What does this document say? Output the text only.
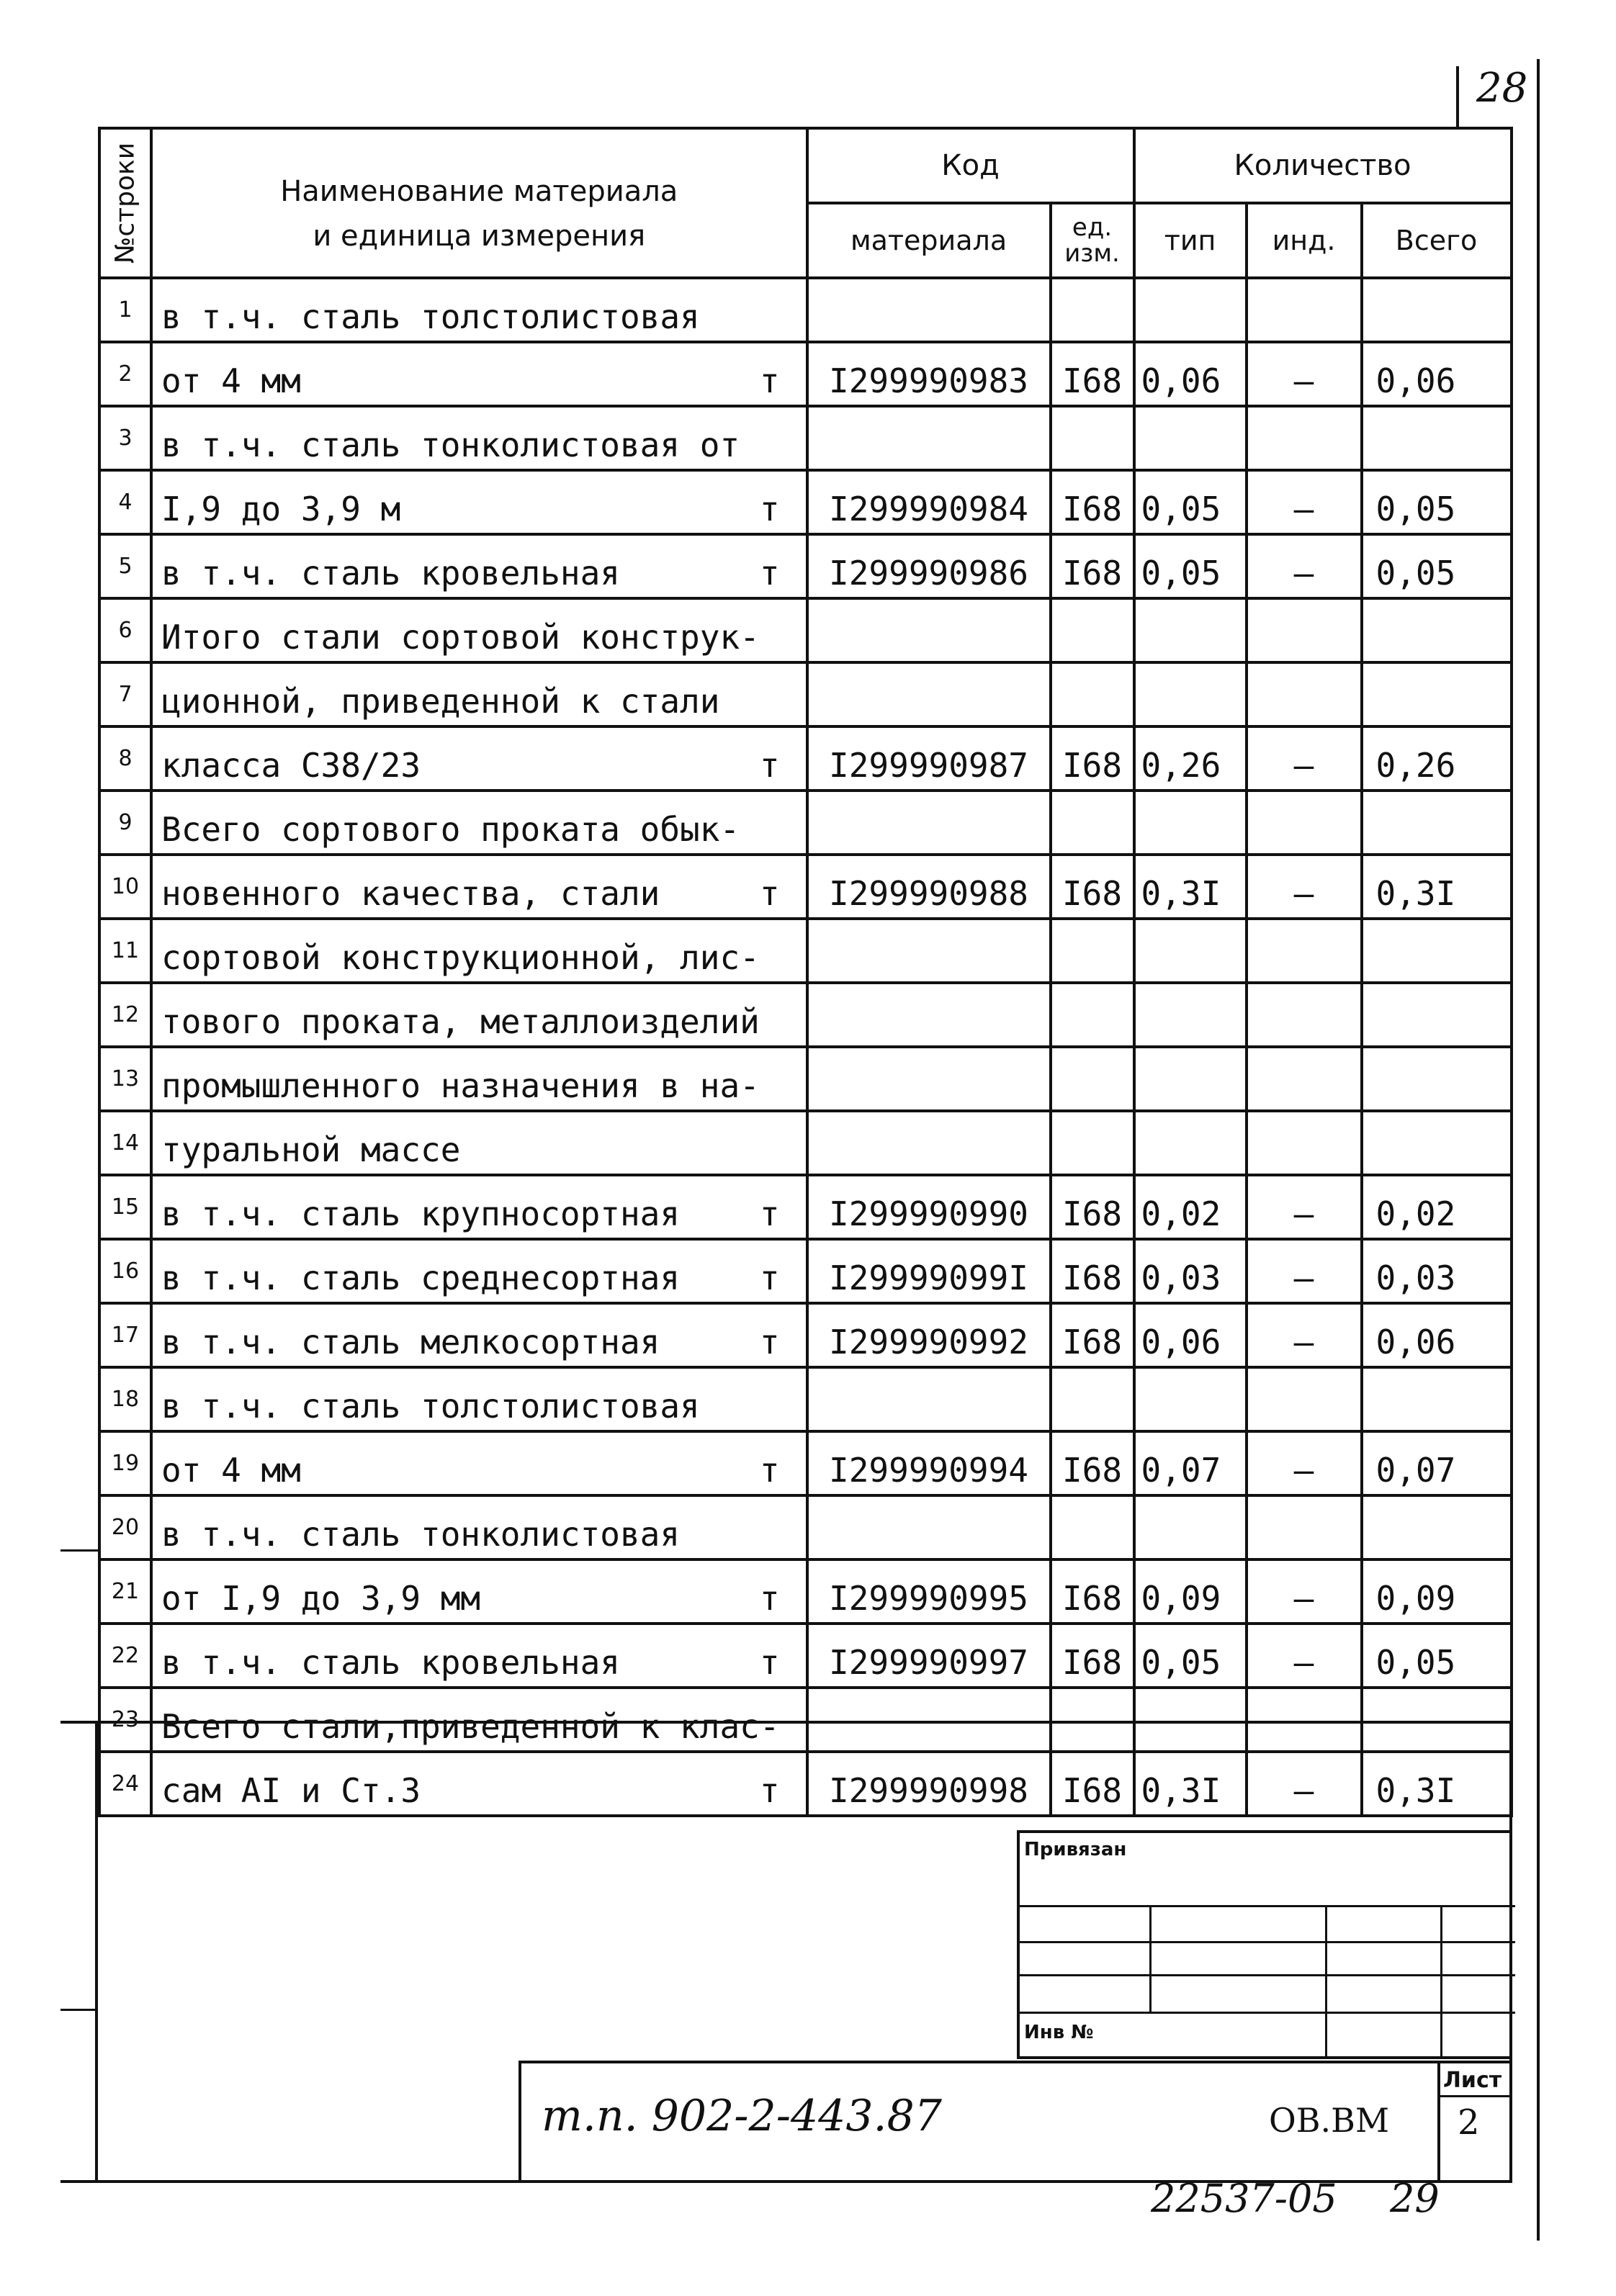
28
№строки	Наименование материала
и единица измерения	Код		Количество		
		материала	ед.
изм.	тип	инд.	Всего
1	в т.ч. сталь толстолистовая					

2	от 4 мм т	I299990983	I68	0,06	–	0,06
3	в т.ч. сталь тонколистовая от					

4	I,9 до 3,9 м т	I299990984	I68	0,05	–	0,05
5	в т.ч. сталь кровельная т	I299990986	I68	0,05	–	0,05
6	Итого стали сортовой конструк-					

7	ционной, приведенной к стали					

8	класса С38/23 т	I299990987	I68	0,26	–	0,26
9	Всего сортового проката обык-					

10	новенного качества, стали т	I299990988	I68	0,3I	–	0,3I
11	сортовой конструкционной, лис-					

12	тового проката, металлоизделий					

13	промышленного назначения в на-					

14	туральной массе					

15	в т.ч. сталь крупносортная т	I299990990	I68	0,02	–	0,02
16	в т.ч. сталь среднесортная т	I29999099I	I68	0,03	–	0,03
17	в т.ч. сталь мелкосортная т	I299990992	I68	0,06	–	0,06
18	в т.ч. сталь толстолистовая					

19	от 4 мм т	I299990994	I68	0,07	–	0,07
20	в т.ч. сталь тонколистовая					

21	от I,9 до 3,9 мм т	I299990995	I68	0,09	–	0,09
22	в т.ч. сталь кровельная т	I299990997	I68	0,05	–	0,05
23	Всего стали,приведенной к клас-					

24	сам АI и Ст.3 т	I299990998	I68	0,3I	–	0,3I
Привязан
Инв №
Лист
2
т.п. 902-2-443.87	ОВ.ВМ
22537-05 29
